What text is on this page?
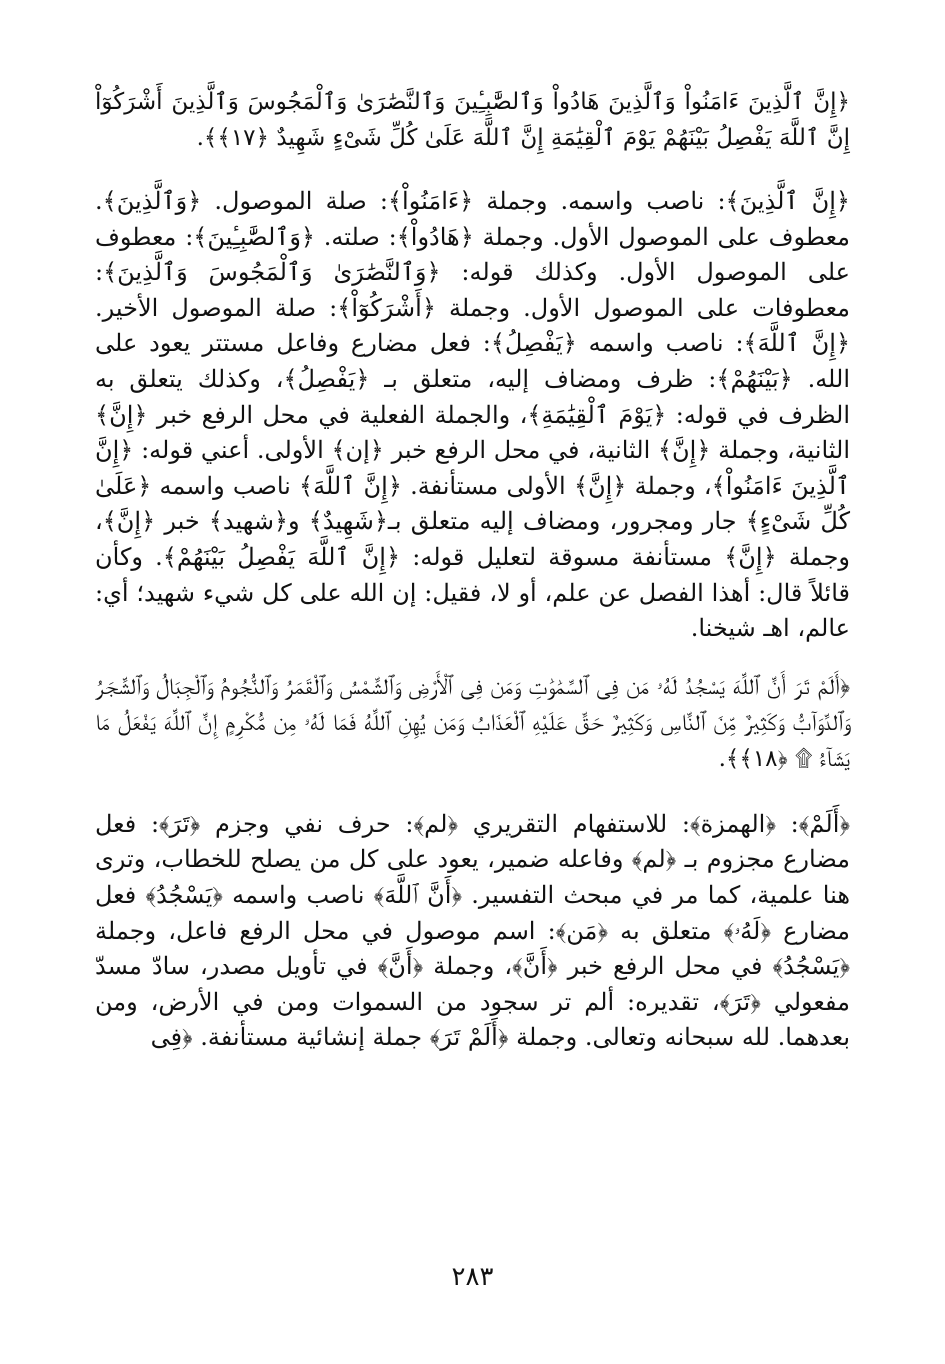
﴿إِنَّ ٱلَّذِينَ ءَامَنُواْ وَٱلَّذِينَ هَادُواْ وَٱلصَّٰبِـِٔينَ وَٱلنَّصَٰرَىٰ وَٱلْمَجُوسَ وَٱلَّذِينَ أَشْرَكُوٓاْ إِنَّ ٱللَّهَ يَفْصِلُ بَيْنَهُمْ يَوْمَ ٱلْقِيَٰمَةِ إِنَّ ٱللَّهَ عَلَىٰ كُلِّ شَىْءٍ شَهِيدٌ ﴿١٧﴾﴾.

﴿إِنَّ ٱلَّذِينَ﴾: ناصب واسمه. وجملة ﴿ءَامَنُواْ﴾: صلة الموصول. ﴿وَٱلَّذِينَ﴾. معطوف على الموصول الأول. وجملة ﴿هَادُواْ﴾: صلته. ﴿وَٱلصَّٰبِـِٔينَ﴾: معطوف على الموصول الأول. وكذلك قوله: ﴿وَٱلنَّصَٰرَىٰ وَٱلْمَجُوسَ وَٱلَّذِينَ﴾: معطوفات على الموصول الأول. وجملة ﴿أَشْرَكُوٓاْ﴾: صلة الموصول الأخير. ﴿إِنَّ ٱللَّهَ﴾: ناصب واسمه ﴿يَفْصِلُ﴾: فعل مضارع وفاعل مستتر يعود على الله. ﴿بَيْنَهُمْ﴾: ظرف ومضاف إليه، متعلق بـ ﴿يَفْصِلُ﴾، وكذلك يتعلق به الظرف في قوله: ﴿يَوْمَ ٱلْقِيَٰمَةِ﴾، والجملة الفعلية في محل الرفع خبر ﴿إِنَّ﴾ الثانية، وجملة ﴿إِنَّ﴾ الثانية، في محل الرفع خبر ﴿إن﴾ الأولى. أعني قوله: ﴿إِنَّ ٱلَّذِينَ ءَامَنُواْ﴾، وجملة ﴿إِنَّ﴾ الأولى مستأنفة. ﴿إِنَّ ٱللَّهَ﴾ ناصب واسمه ﴿عَلَىٰ كُلِّ شَىْءٍ﴾ جار ومجرور، ومضاف إليه متعلق بـ﴿شَهِيدٌ﴾ و﴿شهيد﴾ خبر ﴿إِنَّ﴾، وجملة ﴿إِنَّ﴾ مستأنفة مسوقة لتعليل قوله: ﴿إِنَّ ٱللَّهَ يَفْصِلُ بَيْنَهُمْ﴾. وكأن قائلاً قال: أهذا الفصل عن علم، أو لا، فقيل: إن الله على كل شيء شهيد؛ أي: عالم، اهـ شيخنا.

﴿أَلَمْ تَرَ أَنَّ ٱللَّهَ يَسْجُدُ لَهُۥ مَن فِى ٱلسَّمَٰوَٰتِ وَمَن فِى ٱلْأَرْضِ وَٱلشَّمْسُ وَٱلْقَمَرُ وَٱلنُّجُومُ وَٱلْجِبَالُ وَٱلشَّجَرُ وَٱلدَّوَآبُّ وَكَثِيرٌ مِّنَ ٱلنَّاسِ وَكَثِيرٌ حَقَّ عَلَيْهِ ٱلْعَذَابُ وَمَن يُهِنِ ٱللَّهُ فَمَا لَهُۥ مِن مُّكْرِمٍ إِنَّ ٱللَّهَ يَفْعَلُ مَا يَشَآءُ ۩ ﴿١٨﴾﴾.

﴿أَلَمْ﴾: ﴿الهمزة﴾: للاستفهام التقريري ﴿لم﴾: حرف نفي وجزم ﴿تَرَ﴾: فعل مضارع مجزوم بـ ﴿لم﴾ وفاعله ضمير، يعود على كل من يصلح للخطاب، وترى هنا علمية، كما مر في مبحث التفسير. ﴿أَنَّ ٱللَّهَ﴾ ناصب واسمه ﴿يَسْجُدُ﴾ فعل مضارع ﴿لَهُۥ﴾ متعلق به ﴿مَن﴾: اسم موصول في محل الرفع فاعل، وجملة ﴿يَسْجُدُ﴾ في محل الرفع خبر ﴿أَنَّ﴾، وجملة ﴿أَنَّ﴾ في تأويل مصدر، سادّ مسدّ مفعولي ﴿تَرَ﴾، تقديره: ألم تر سجود من السموات ومن في الأرض، ومن بعدهما. لله سبحانه وتعالى. وجملة ﴿أَلَمْ تَرَ﴾ جملة إنشائية مستأنفة. ﴿فِى

٢٨٣
